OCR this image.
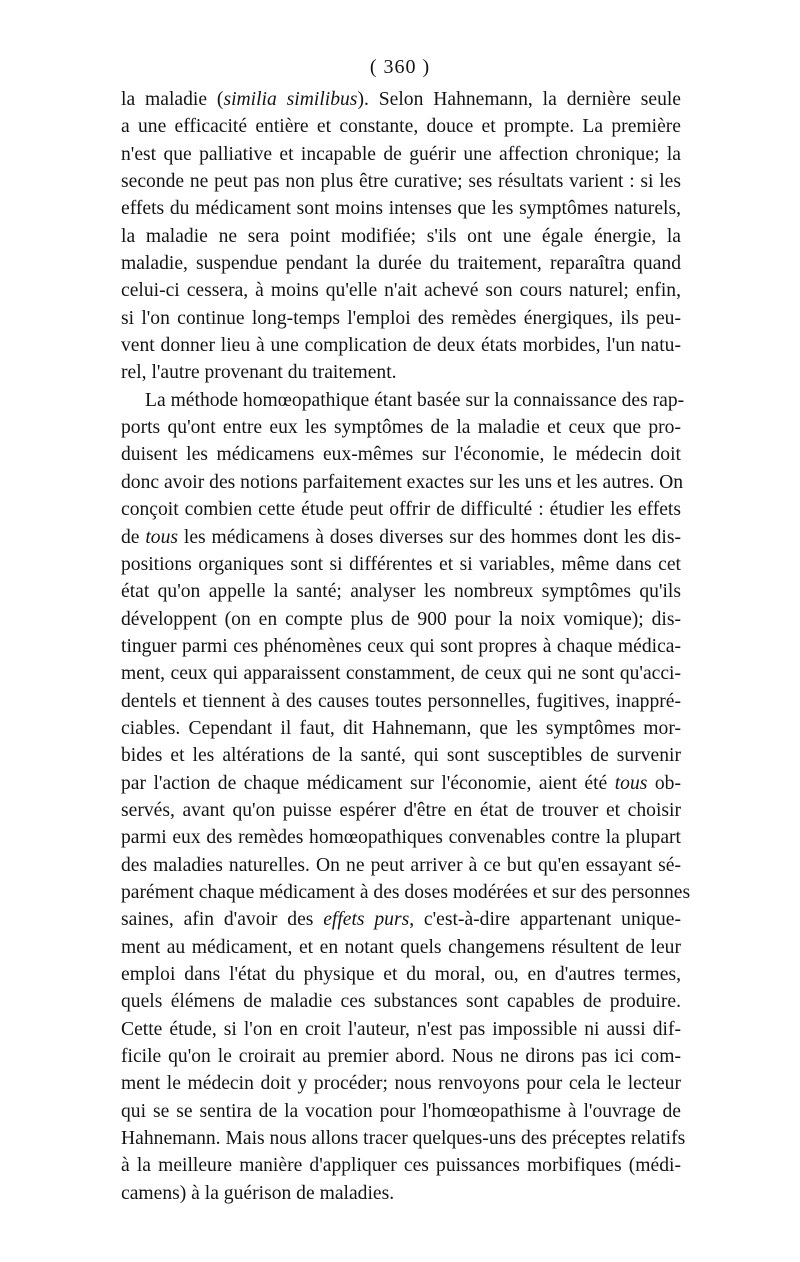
( 360 )
la maladie (similia similibus). Selon Hahnemann, la dernière seule
a une efficacité entière et constante, douce et prompte. La première
n'est que palliative et incapable de guérir une affection chronique; la
seconde ne peut pas non plus être curative; ses résultats varient : si les
effets du médicament sont moins intenses que les symptômes naturels,
la maladie ne sera point modifiée; s'ils ont une égale énergie, la
maladie, suspendue pendant la durée du traitement, reparaîtra quand
celui-ci cessera, à moins qu'elle n'ait achevé son cours naturel; enfin,
si l'on continue long-temps l'emploi des remèdes énergiques, ils peu-
vent donner lieu à une complication de deux états morbides, l'un natu-
rel, l'autre provenant du traitement.
La méthode homœopathique étant basée sur la connaissance des rap-
ports qu'ont entre eux les symptômes de la maladie et ceux que pro-
duisent les médicamens eux-mêmes sur l'économie, le médecin doit
donc avoir des notions parfaitement exactes sur les uns et les autres. On
conçoit combien cette étude peut offrir de difficulté : étudier les effets
de tous les médicamens à doses diverses sur des hommes dont les dis-
positions organiques sont si différentes et si variables, même dans cet
état qu'on appelle la santé; analyser les nombreux symptômes qu'ils
développent (on en compte plus de 900 pour la noix vomique); dis-
tinguer parmi ces phénomènes ceux qui sont propres à chaque médica-
ment, ceux qui apparaissent constamment, de ceux qui ne sont qu'acci-
dentels et tiennent à des causes toutes personnelles, fugitives, inappré-
ciables. Cependant il faut, dit Hahnemann, que les symptômes mor-
bides et les altérations de la santé, qui sont susceptibles de survenir
par l'action de chaque médicament sur l'économie, aient été tous ob-
servés, avant qu'on puisse espérer d'être en état de trouver et choisir
parmi eux des remèdes homœopathiques convenables contre la plupart
des maladies naturelles. On ne peut arriver à ce but qu'en essayant sé-
parément chaque médicament à des doses modérées et sur des personnes
saines, afin d'avoir des effets purs, c'est-à-dire appartenant unique-
ment au médicament, et en notant quels changemens résultent de leur
emploi dans l'état du physique et du moral, ou, en d'autres termes,
quels élémens de maladie ces substances sont capables de produire.
Cette étude, si l'on en croit l'auteur, n'est pas impossible ni aussi dif-
ficile qu'on le croirait au premier abord. Nous ne dirons pas ici com-
ment le médecin doit y procéder; nous renvoyons pour cela le lecteur
qui se se sentira de la vocation pour l'homœopathisme à l'ouvrage de
Hahnemann. Mais nous allons tracer quelques-uns des préceptes relatifs
à la meilleure manière d'appliquer ces puissances morbifiques (médi-
camens) à la guérison de maladies.
